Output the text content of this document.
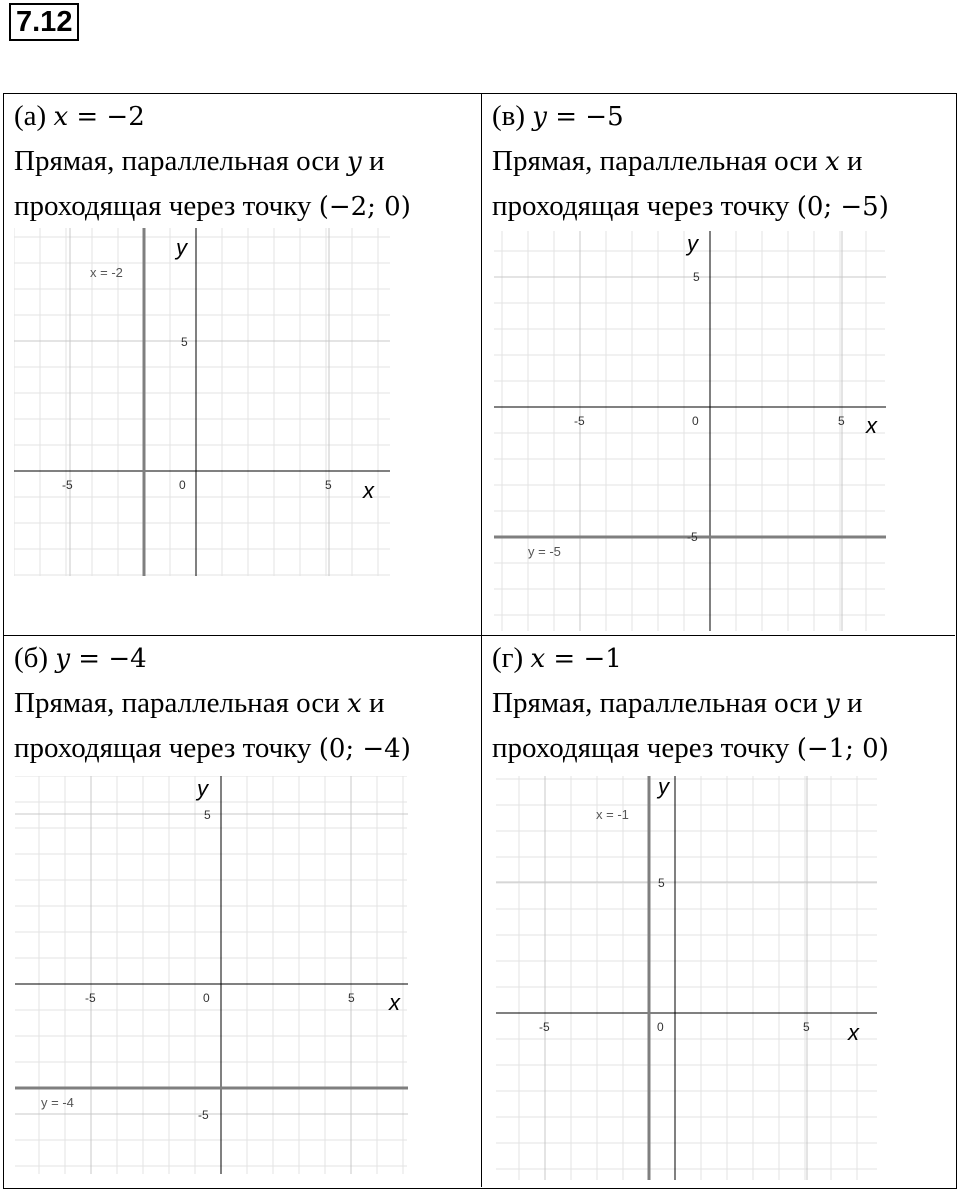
7.12
(а) x = −2
Прямая, параллельная оси y и
проходящая через точку (−2; 0)
x = -2
-5	0	5
5
x
y
(в) y = −5
Прямая, параллельная оси x и
проходящая через точку (0; −5)
y = -5
-5	0	5
5
-5
x
y
(б) y = −4
Прямая, параллельная оси x и
проходящая через точку (0; −4)
y = -4
-5	0	5
5
-5
x
y
(г) x = −1
Прямая, параллельная оси y и
проходящая через точку (−1; 0)
x = -1
-5	0	5
5
x
y
